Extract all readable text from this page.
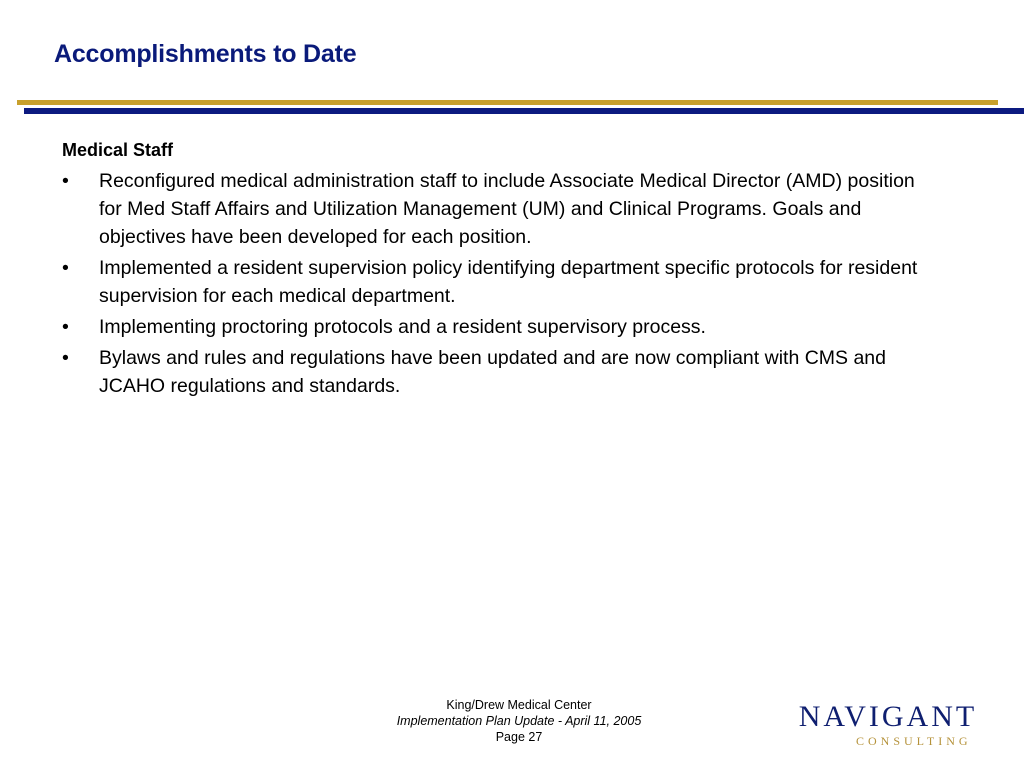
Accomplishments to Date
Medical Staff
• Reconfigured medical administration staff to include Associate Medical Director (AMD) position for Med Staff Affairs and Utilization Management (UM) and Clinical Programs. Goals and objectives have been developed for each position.
• Implemented a resident supervision policy identifying department specific protocols for resident supervision for each medical department.
• Implementing proctoring protocols and a resident supervisory process.
• Bylaws and rules and regulations have been updated and are now compliant with CMS and JCAHO regulations and standards.
King/Drew Medical Center
Implementation Plan Update - April 11, 2005
Page 27
NAVIGANT
CONSULTING
